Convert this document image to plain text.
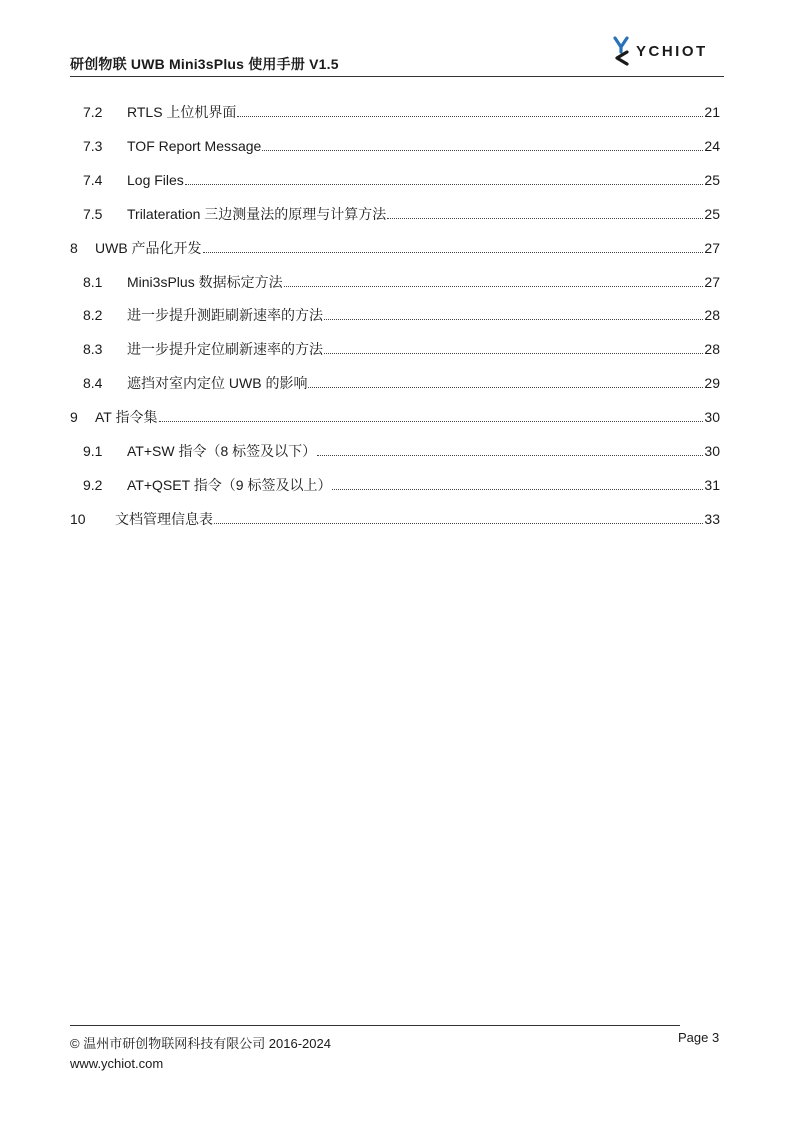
研创物联 UWB Mini3sPlus 使用手册 V1.5
YCHIOT
7.2	RTLS 上位机界面	21
7.3	TOF Report Message	24
7.4	Log Files	25
7.5	Trilateration 三边测量法的原理与计算方法	25
8	UWB 产品化开发	27
8.1	Mini3sPlus 数据标定方法	27
8.2	进一步提升测距刷新速率的方法	28
8.3	进一步提升定位刷新速率的方法	28
8.4	遮挡对室内定位 UWB 的影响	29
9	AT 指令集	30
9.1	AT+SW 指令（8 标签及以下）	30
9.2	AT+QSET 指令（9 标签及以上）	31
10	文档管理信息表	33
© 温州市研创物联网科技有限公司 2016-2024
www.ychiot.com
Page 3
